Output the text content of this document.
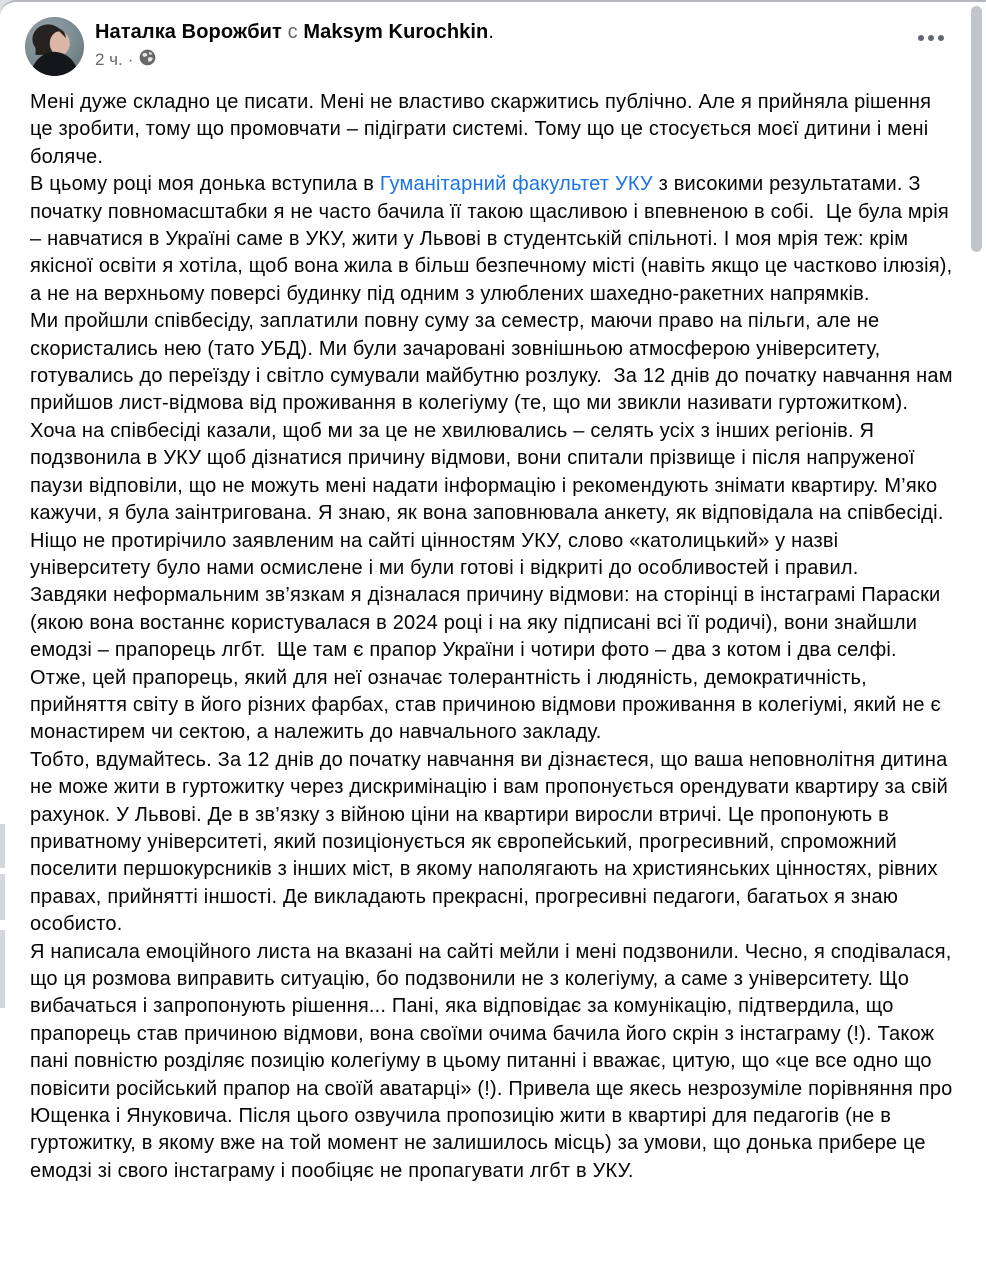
Наталка Ворожбит с Maksym Kurochkin.
2 ч. ·

Мені дуже складно це писати. Мені не властиво скаржитись публічно. Але я прийняла рішення це зробити, тому що промовчати – підіграти системі. Тому що це стосується моєї дитини і мені боляче.

В цьому році моя донька вступила в Гуманітарний факультет УКУ з високими результатами. З початку повномасштабки я не часто бачила її такою щасливою і впевненою в собі.  Це була мрія – навчатися в Україні саме в УКУ, жити у Львові в студентській спільноті. І моя мрія теж: крім якісної освіти я хотіла, щоб вона жила в більш безпечному місті (навіть якщо це частково ілюзія), а не на верхньому поверсі будинку під одним з улюблених шахедно-ракетних напрямків.

Ми пройшли співбесіду, заплатили повну суму за семестр, маючи право на пільги, але не скористались нею (тато УБД). Ми були зачаровані зовнішньою атмосферою університету, готувались до переїзду і світло сумували майбутню розлуку.  За 12 днів до початку навчання нам прийшов лист-відмова від проживання в колегіуму (те, що ми звикли називати гуртожитком). Хоча на співбесіді казали, щоб ми за це не хвилювались – селять усіх з інших регіонів. Я подзвонила в УКУ щоб дізнатися причину відмови, вони спитали прізвище і після напруженої паузи відповіли, що не можуть мені надати інформацію і рекомендують знімати квартиру. М’яко кажучи, я була заінтригована. Я знаю, як вона заповнювала анкету, як відповідала на співбесіді. Ніщо не протирічило заявленим на сайті цінностям УКУ, слово «католицький» у назві університету було нами осмислене і ми були готові і відкриті до особливостей і правил.

Завдяки неформальним зв’язкам я дізналася причину відмови: на сторінці в інстаграмі Параски (якою вона востаннє користувалася в 2024 році і на яку підписані всі її родичі), вони знайшли емодзі – прапорець лгбт.  Ще там є прапор України і чотири фото – два з котом і два селфі. Отже, цей прапорець, який для неї означає толерантність і людяність, демократичність, прийняття світу в його різних фарбах, став причиною відмови проживання в колегіумі, який не є монастирем чи сектою, а належить до навчального закладу.

Тобто, вдумайтесь. За 12 днів до початку навчання ви дізнаєтеся, що ваша неповнолітня дитина не може жити в гуртожитку через дискримінацію і вам пропонується орендувати квартиру за свій рахунок. У Львові. Де в зв’язку з війною ціни на квартири виросли втричі. Це пропонують в приватному університеті, який позиціонується як європейський, прогресивний, спроможний поселити першокурсників з інших міст, в якому наполягають на християнських цінностях, рівних правах, прийнятті іншості. Де викладають прекрасні, прогресивні педагоги, багатьох я знаю особисто.

Я написала емоційного листа на вказані на сайті мейли і мені подзвонили. Чесно, я сподівалася, що ця розмова виправить ситуацію, бо подзвонили не з колегіуму, а саме з університету. Що вибачаться і запропонують рішення... Пані, яка відповідає за комунікацію, підтвердила, що прапорець став причиною відмови, вона своїми очима бачила його скрін з інстаграму (!). Також пані повністю розділяє позицію колегіуму в цьому питанні і вважає, цитую, що «це все одно що повісити російський прапор на своїй аватарці» (!). Привела ще якесь незрозуміле порівняння про Ющенка і Януковича. Після цього озвучила пропозицію жити в квартирі для педагогів (не в гуртожитку, в якому вже на той момент не залишилось місць) за умови, що донька прибере це емодзі зі свого інстаграму і пообіцяє не пропагувати лгбт в УКУ.
